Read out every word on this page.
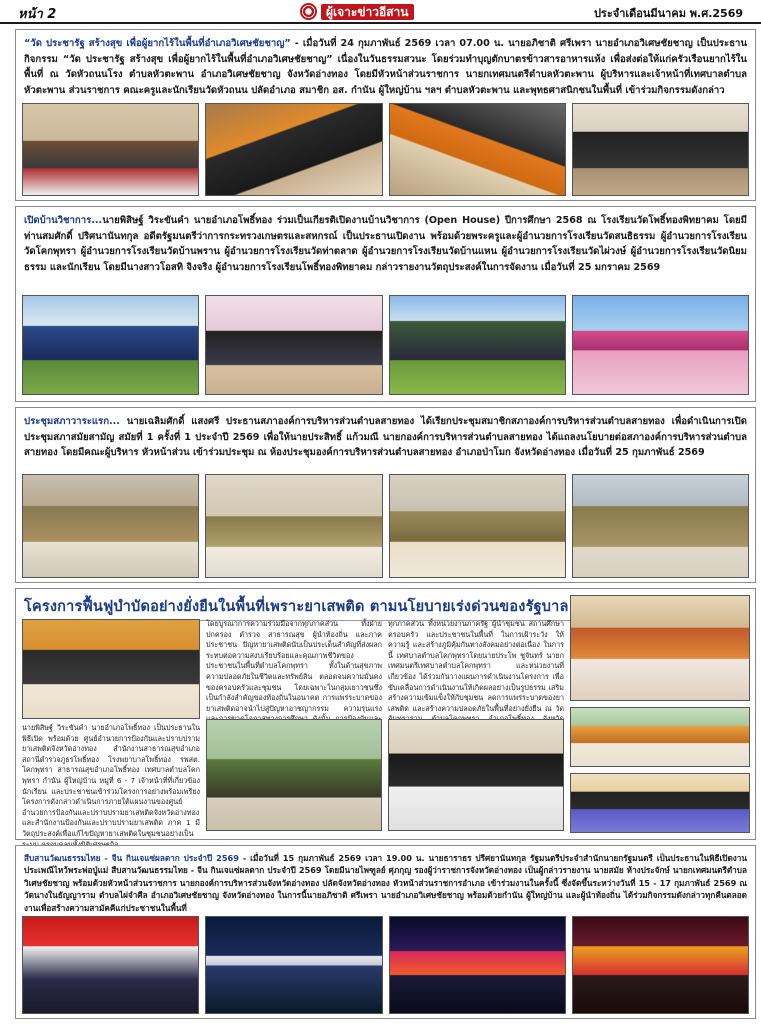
หน้า 2	ผู้เจาะข่าวอีสาน	ประจำเดือนมีนาคม พ.ศ.2569
“วัด ประชารัฐ สร้างสุข เพื่อผู้ยากไร้ในพื้นที่อำเภอวิเศษชัยชาญ” - เมื่อวันที่ 24 กุมภาพันธ์ 2569 เวลา 07.00 น. นายอภิชาติ ศรีเพรา นายอำเภอวิเศษชัยชาญ เป็นประธานกิจกรรม “วัด ประชารัฐ สร้างสุข เพื่อผู้ยากไร้ในพื้นที่อำเภอวิเศษชัยชาญ” เนื่องในวันธรรมสวนะ โดยร่วมทำบุญตักบาตรข้าวสารอาหารแห้ง เพื่อส่งต่อให้แก่ครัวเรือนยากไร้ในพื้นที่ ณ วัดหัวถนนโรง ตำบลหัวตะพาน อำเภอวิเศษชัยชาญ จังหวัดอ่างทอง โดยมีหัวหน้าส่วนราชการ นายกเทศมนตรีตำบลหัวตะพาน ผู้บริหารและเจ้าหน้าที่เทศบาลตำบลหัวตะพาน ส่วนราชการ คณะครูและนักเรียนวัดหัวถนน ปลัดอำเภอ สมาชิก อส. กำนัน ผู้ใหญ่บ้าน ฯลฯ ตำบลหัวตะพาน และพุทธศาสนิกชนในพื้นที่ เข้าร่วมกิจกรรมดังกล่าว
เปิดบ้านวิชาการ...นายพิสิษฐ์ วิระขันคำ นายอำเภอโพธิ์ทอง ร่วมเป็นเกียรติเปิดงานบ้านวิชาการ (Open House) ปีการศึกษา 2568 ณ โรงเรียนวัดโพธิ์ทองพิทยาคม โดยมีท่านสมศักดิ์ ปริศนานันทกุล อดีตรัฐมนตรีว่าการกระทรวงเกษตรและสหกรณ์ เป็นประธานเปิดงาน พร้อมด้วยพระครูและผู้อำนวยการโรงเรียนวัดสนธิธรรม ผู้อำนวยการโรงเรียนวัดโคกพุทรา ผู้อำนวยการโรงเรียนวัดบ้านพราน ผู้อำนวยการโรงเรียนวัดท่าตลาด ผู้อำนวยการโรงเรียนวัดบ้านแหน ผู้อำนวยการโรงเรียนวัดไผ่วงษ์ ผู้อำนวยการโรงเรียนวัดนิยมธรรม และนักเรียน โดยมีนางสาวโอสทิ จิงจริง ผู้อำนวยการโรงเรียนโพธิ์ทองพิทยาคม กล่าวรายงานวัตถุประสงค์ในการจัดงาน เมื่อวันที่ 25 มกราคม 2569
ประชุมสภาวาระแรก... นายเฉลิมศักดิ์ แสงศรี ประธานสภาองค์การบริหารส่วนตำบลสายทอง ได้เรียกประชุมสมาชิกสภาองค์การบริหารส่วนตำบลสายทอง เพื่อดำเนินการเปิดประชุมสภาสมัยสามัญ สมัยที่ 1 ครั้งที่ 1 ประจำปี 2569 เพื่อให้นายประสิทธิ์ แก้วมณี นายกองค์การบริหารส่วนตำบลสายทอง ได้แถลงนโยบายต่อสภาองค์การบริหารส่วนตำบลสายทอง โดยมีคณะผู้บริหาร หัวหน้าส่วน เข้าร่วมประชุม ณ ห้องประชุมองค์การบริหารส่วนตำบลสายทอง อำเภอป่าโมก จังหวัดอ่างทอง เมื่อวันที่ 25 กุมภาพันธ์ 2569
โครงการฟื้นฟูบำบัดอย่างยั่งยืนในพื้นที่เพราะยาเสพติด ตามนโยบายเร่งด่วนของรัฐบาล
นายพิสิษฐ์ วิระขันคำ นายอำเภอโพธิ์ทอง เป็นประธานในพิธีเปิด พร้อมด้วย ศูนย์อำนวยการป้องกันและปราบปรามยาเสพติดจังหวัดอ่างทอง สำนักงานสาธารณสุขอำเภอ สถานีตำรวจภูธรโพธิ์ทอง โรงพยาบาลโพธิ์ทอง รพสต. โคกพุทรา สาธารณสุขอำเภอโพธิ์ทอง เทศบาลตำบลโคกพุทรา กำนัน ผู้ใหญ่บ้าน หมู่ที่ 6 - 7 เจ้าหน้าที่ที่เกี่ยวข้อง นักเรียน และประชาชนเข้าร่วมโครงการอย่างพร้อมเพรียง โครงการดังกล่าวดำเนินการภายใต้แผนงานของศูนย์อำนวยการป้องกันและปราบปรามยาเสพติดจังหวัดอ่างทอง และสำนักงานป้องกันและปราบปรามยาเสพติด ภาค 1 มีวัตถุประสงค์เพื่อแก้ไขปัญหายาเสพติดในชุมชนอย่างเป็น
โดยบูรณาการความร่วมมือจากทุกภาคส่วน ทั้งฝ่ายปกครอง ตำรวจ สาธารณสุข ผู้นำท้องถิ่น และภาคประชาชน ปัญหายาเสพติดนับเป็นประเด็นสำคัญที่ส่งผลกระทบต่อความสงบเรียบร้อยและคุณภาพชีวิตของประชาชนในพื้นที่ตำบลโคกพุทรา ทั้งในด้านสุขภาพ ความปลอดภัยในชีวิตและทรัพย์สิน ตลอดจนความมั่นคงของครอบครัวและชุมชน โดยเฉพาะในกลุ่มเยาวชนซึ่งเป็นกำลังสำคัญของท้องถิ่นในอนาคต การแพร่ระบาดของยาเสพติดอาจนำไปสู่ปัญหาอาชญากรรม ความรุนแรง
ทุกภาคส่วน ทั้งหน่วยงานภาครัฐ ผู้นำชุมชน สถานศึกษา ครอบครัว และประชาชนในพื้นที่ ในการเฝ้าระวัง ให้ความรู้ และสร้างภูมิคุ้มกันทางสังคมอย่างต่อเนื่อง ในการนี้ เทศบาลตำบลโคกพุทราโดยนายประโพ ชูจันทร์ นายกเทศมนตรีเทศบาลตำบลโคกพุทรา และหน่วยงานที่เกี่ยวข้อง ได้ร่วมกันวางแผนการดำเนินงานโครงการ เพื่อขับเคลื่อนการดำเนินงานให้เกิดผลอย่างเป็นรูปธรรม เสริมสร้างความเข้มแข็งให้กับชุมชน ลดการแพร่ระบาดของยาเสพติด และสร้างความปลอดภัยในพื้นที่อย่างยั่งยืน ณ วัด
สืบสานวัฒนธรรมไทย - จีน กินเจแซ่ผลตาก ประจำปี 2569 - เมื่อวันที่ 15 กุมภาพันธ์ 2569 เวลา 19.00 น. นายธาราธร ปรีศยานันทกุล รัฐมนตรีประจำสำนักนายกรัฐมนตรี เป็นประธานในพิธีเปิดงานประเพณีไหว้พระพ่อปู่แม่ สืบสานวัฒนธรรมไทย - จีน กินเจแซ่ผลตาก ประจำปี 2569 โดยมีนายไพฑูลย์ ศุภกุญ รองผู้ว่าราชการจังหวัดอ่างทอง เป็นผู้กล่าวรายงาน นายสมัย ห้างประจักษ์ นายกเทศมนตรีตำบลวิเศษชัยชาญ พร้อมด้วยหัวหน้าส่วนราชการ นายกองค์การบริหารส่วนจังหวัดอ่างทอง ปลัดจังหวัดอ่างทอง หัวหน้าส่วนราชการอำเภอ เข้าร่วมงานในครั้งนี้ ซึ่งจัดขึ้นระหว่างวันที่ 15 - 17 กุมภาพันธ์ 2569 ณ วัดนางในธัญญาราม ตำบลไผ่จำศีล อำเภอวิเศษชัยชาญ จังหวัดอ่างทอง ในการนี้นายอภิชาติ ศรีเพรา นายอำเภอวิเศษชัยชาญ พร้อมด้วยกำนัน ผู้ใหญ่บ้าน และผู้นำท้องถิ่น ได้ร่วมกิจกรรมดังกล่าวทุกคืนตลอดงานเพื่อสร้างความสามัคคีแก่ประชาชนในพื้นที่
